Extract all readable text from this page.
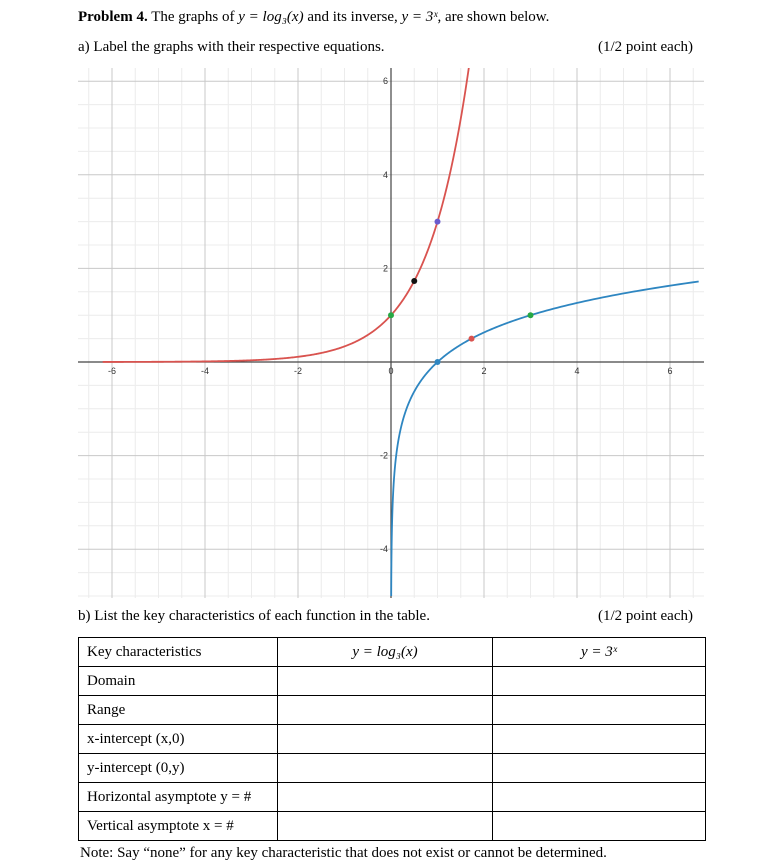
Problem 4. The graphs of y = log₃(x) and its inverse, y = 3ˣ, are shown below.
a) Label the graphs with their respective equations.	(1/2 point each)
-6	-4	-2	0	2	4	6
6
4
2
-2
-4
b) List the key characteristics of each function in the table.	(1/2 point each)
Key characteristics	y = log₃(x)	y = 3ˣ
Domain		
Range		
x-intercept (x,0)		
y-intercept (0,y)		
Horizontal asymptote y = #		
Vertical asymptote x = #		
Note: Say “none” for any key characteristic that does not exist or cannot be determined.
